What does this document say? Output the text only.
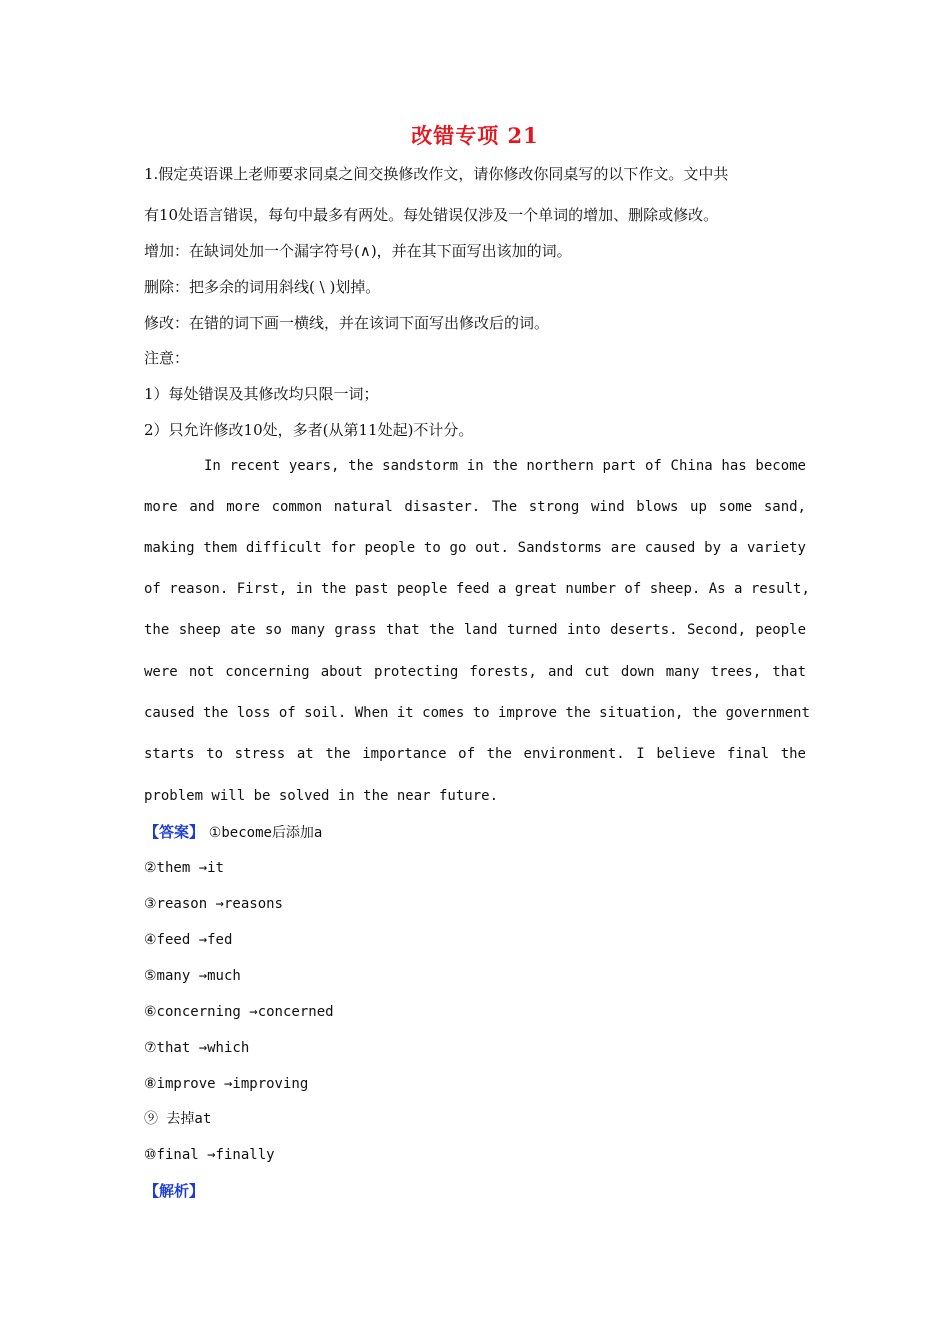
改错专项 21
1.假定英语课上老师要求同桌之间交换修改作文，请你修改你同桌写的以下作文。文中共
有10处语言错误，每句中最多有两处。每处错误仅涉及一个单词的增加、删除或修改。
增加：在缺词处加一个漏字符号(∧)，并在其下面写出该加的词。
删除：把多余的词用斜线( \ )划掉。
修改：在错的词下画一横线，并在该词下面写出修改后的词。
注意：
1）每处错误及其修改均只限一词；
2）只允许修改10处，多者(从第11处起)不计分。
In recent years, the sandstorm in the northern part of China has become
more and more common natural disaster. The strong wind blows up some sand,
making them difficult for people to go out. Sandstorms are caused by a variety
of reason. First, in the past people feed a great number of sheep. As a result,
the sheep ate so many grass that the land turned into deserts. Second, people
were not concerning about protecting forests, and cut down many trees, that
caused the loss of soil. When it comes to improve the situation, the government
starts to stress at the importance of the environment. I believe final the
problem will be solved in the near future.
【答案】 ①become后添加a
②them →it
③reason →reasons
④feed →fed
⑤many →much
⑥concerning →concerned
⑦that →which
⑧improve →improving
⑨ 去掉at
⑩final →finally
【解析】
